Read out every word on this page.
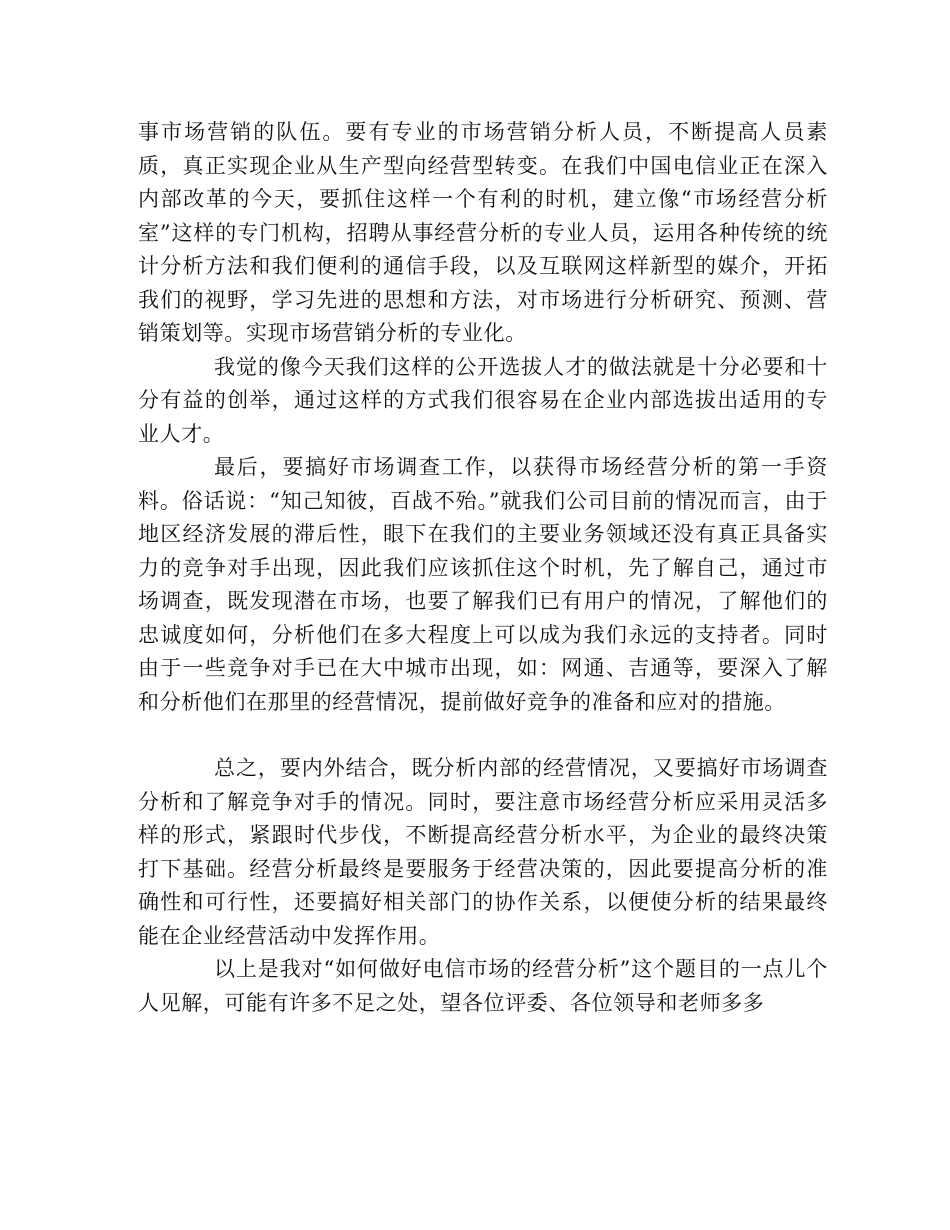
事市场营销的队伍。要有专业的市场营销分析人员，不断提高人员素质，真正实现企业从生产型向经营型转变。在我们中国电信业正在深入内部改革的今天，要抓住这样一个有利的时机，建立像“市场经营分析室”这样的专门机构，招聘从事经营分析的专业人员，运用各种传统的统计分析方法和我们便利的通信手段，以及互联网这样新型的媒介，开拓我们的视野，学习先进的思想和方法，对市场进行分析研究、预测、营销策划等。实现市场营销分析的专业化。

我觉的像今天我们这样的公开选拔人才的做法就是十分必要和十分有益的创举，通过这样的方式我们很容易在企业内部选拔出适用的专业人才。

最后，要搞好市场调查工作，以获得市场经营分析的第一手资料。俗话说：“知己知彼，百战不殆。”就我们公司目前的情况而言，由于地区经济发展的滞后性，眼下在我们的主要业务领域还没有真正具备实力的竞争对手出现，因此我们应该抓住这个时机，先了解自己，通过市场调查，既发现潜在市场，也要了解我们已有用户的情况，了解他们的忠诚度如何，分析他们在多大程度上可以成为我们永远的支持者。同时由于一些竞争对手已在大中城市出现，如：网通、吉通等，要深入了解和分析他们在那里的经营情况，提前做好竞争的准备和应对的措施。

总之，要内外结合，既分析内部的经营情况，又要搞好市场调查分析和了解竞争对手的情况。同时，要注意市场经营分析应采用灵活多样的形式，紧跟时代步伐，不断提高经营分析水平，为企业的最终决策打下基础。经营分析最终是要服务于经营决策的，因此要提高分析的准确性和可行性，还要搞好相关部门的协作关系，以便使分析的结果最终能在企业经营活动中发挥作用。

以上是我对“如何做好电信市场的经营分析”这个题目的一点儿个人见解，可能有许多不足之处，望各位评委、各位领导和老师多多
